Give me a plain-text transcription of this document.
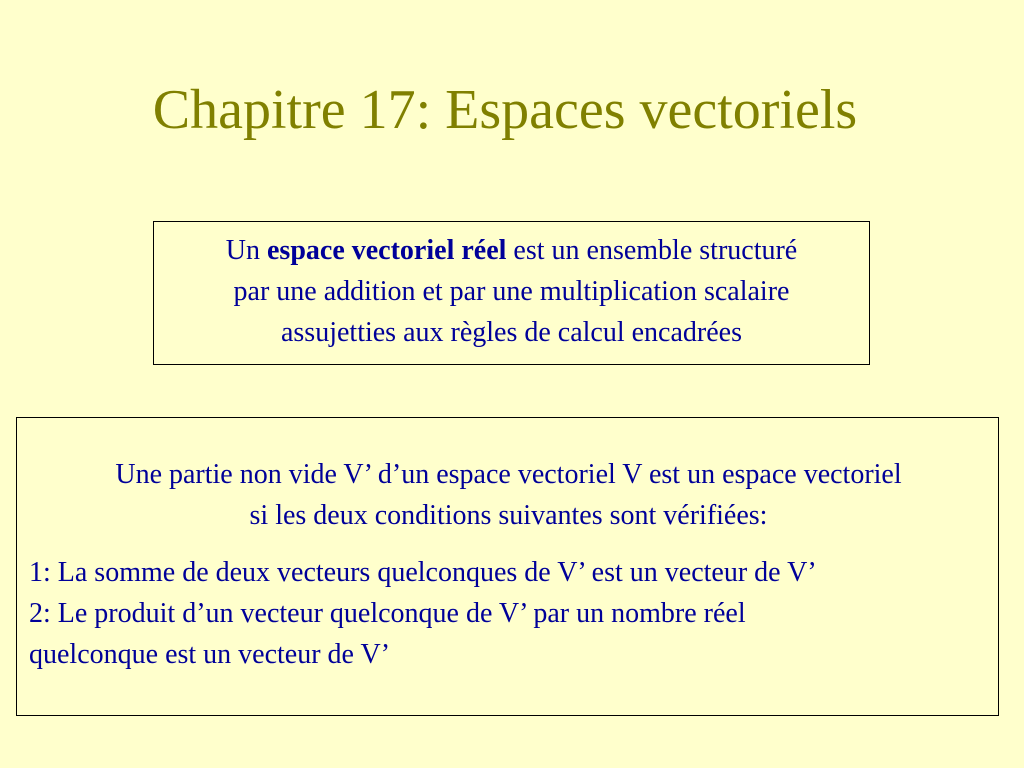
Chapitre 17: Espaces vectoriels
Un espace vectoriel réel est un ensemble structuré
par une addition et par une multiplication scalaire
assujetties aux règles de calcul encadrées
Une partie non vide V’ d’un espace vectoriel V est un espace vectoriel
si les deux conditions suivantes sont vérifiées:
1: La somme de deux vecteurs quelconques de V’ est un vecteur de V’
2: Le produit d’un vecteur quelconque de V’ par un nombre réel
quelconque est un vecteur de V’
